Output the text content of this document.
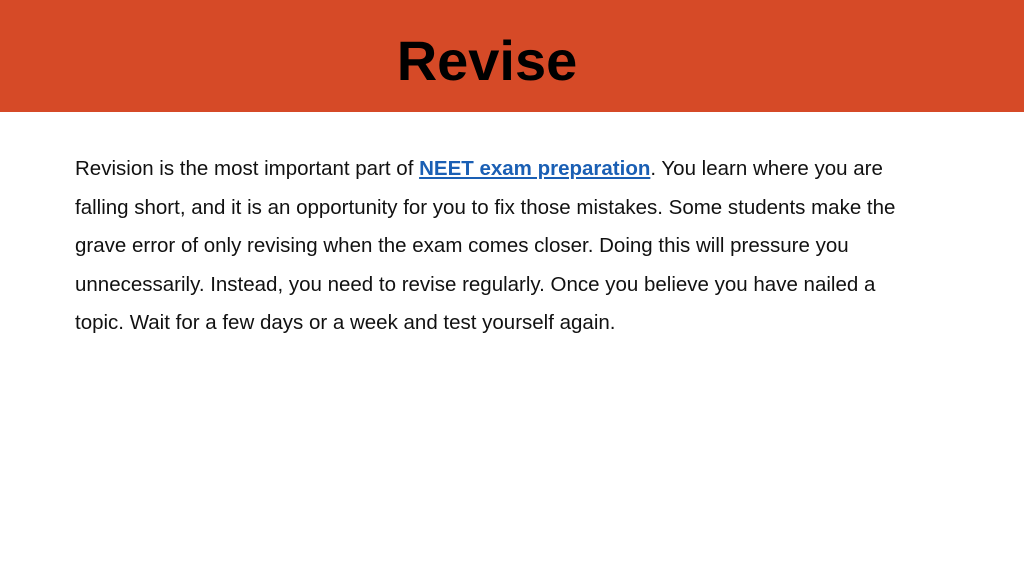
Revise

Revision is the most important part of NEET exam preparation. You learn where you are falling short, and it is an opportunity for you to fix those mistakes. Some students make the grave error of only revising when the exam comes closer. Doing this will pressure you unnecessarily. Instead, you need to revise regularly. Once you believe you have nailed a topic. Wait for a few days or a week and test yourself again.
